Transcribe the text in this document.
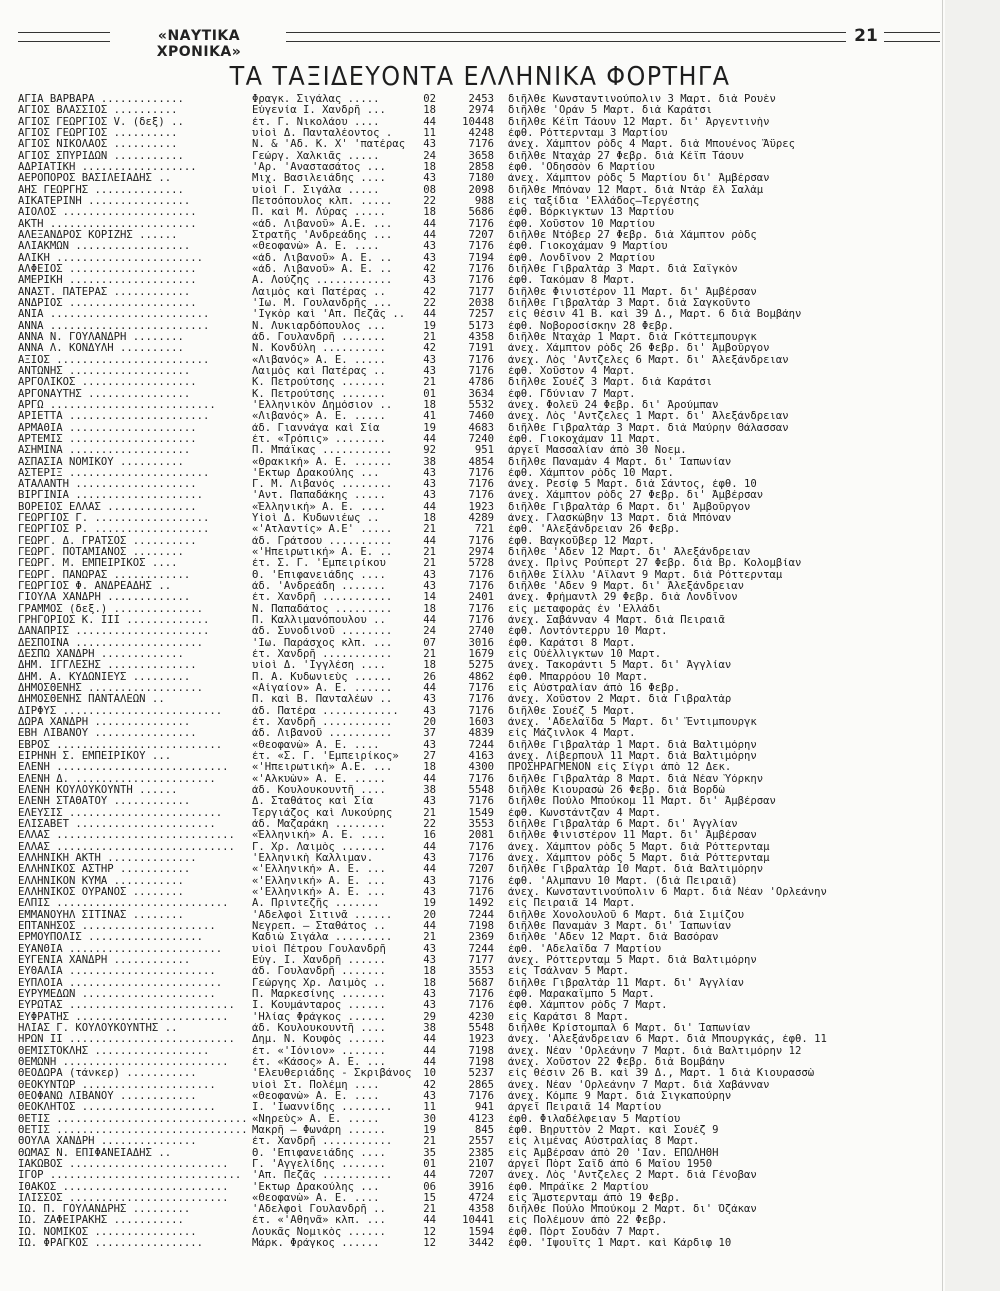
«ΝΑΥΤΙΚΑ ΧΡΟΝΙΚΑ»
21
ΤΑ ΤΑΞΙΔΕΥΟΝΤΑ ΕΛΛΗΝΙΚΑ ΦΟΡΤΗΓΑ
ΑΓΙΑ ΒΑΡΒΑΡΑ .............	Φραγκ. Σιγάλας .....	02	2453 διῆλθε Κωνσταντινούπολιν 3 Μαρτ. διὰ Ρουὲν
ΑΓΙΟΣ ΒΛΑΣΣΙΟΣ ..........	Εὐγενία Ι. Χανδρῆ ...	18	2974 διῆλθε 'Οράν 5 Μαρτ. διὰ Καράτσι
ΑΓΙΟΣ ΓΕΩΡΓΙΟΣ V. (δεξ) ..	ἐτ. Γ. Νικολάου ....	44	10448 διῆλθε Κέϊπ Τάουν 12 Μαρτ. δι' Ἀργεντινὴν
ΑΓΙΟΣ ΓΕΩΡΓΙΟΣ ..........	υἱοὶ Δ. Πανταλέοντος .	11	4248 ἐφθ. Ρόττερνταμ 3 Μαρτίου
ΑΓΙΟΣ ΝΙΚΟΛΑΟΣ ..........	Ν. & 'Αδ. Κ. Χ' 'πατέρας	43	7176 ἀνεχ. Χάμπτον ρὸδς 4 Μαρτ. διὰ Μπουένος Ἄϋρες
ΑΓΙΟΣ ΣΠΥΡΙΔΩΝ ...........	Γεώργ. Χαλκιᾶς .....	24	3658 διῆλθε Νταχὰρ 27 Φεβρ. διὰ Κέϊπ Τάουν
ΑΔΡΙΑΤΙΚΗ ..................	'Αρ. 'Αναστασάτος ...	18	2858 ἐφθ. 'Οδησσὸν 6 Μαρτίου
ΑΕΡΟΠΟΡΟΣ ΒΑΣΙΛΕΙΑΔΗΣ ..	Μιχ. Βασιλειάδης ....	43	7180 ἀνεχ. Χάμπτον ρὸδς 5 Μαρτίου δι' Ἀμβέρσαν
ΑΗΣ ΓΕΩΡΓΗΣ ..............	υἱοὶ Γ. Σιγάλα .....	08	2098 διῆλθε Μπόναν 12 Μαρτ. διὰ Ντὰρ ἔλ Σαλὰμ
ΑΙΚΑΤΕΡΙΝΗ ................	Πετσόπουλος κλπ. .....	22	988 εἰς ταξίδια 'Ελλάδος—Τεργέστης
ΑΙΟΛΟΣ .....................	Π. καὶ Μ. Λύρας .....	18	5686 ἐφθ. Βόρκιγκτων 13 Μαρτίου
ΑΚΤΗ .......................	«ἀδ. Λιβανοῦ» Α.Ε. ...	44	7176 ἐφθ. Χοῦστον 10 Μαρτίου
ΑΛΕΞΑΝΔΡΟΣ ΚΟΡΙΖΗΣ ......	Στρατῆς 'Ανδρεάδης ...	44	7207 διῆλθε Ντόβερ 27 Φεβρ. διὰ Χάμπτον ρὸδς
ΑΛΙΑΚΜΩΝ ..................	«Θεοφανὼ» Α. Ε. ....	43	7176 ἐφθ. Γιοκοχάμαν 9 Μαρτίου
ΑΛΙΚΗ .......................	«ἀδ. Λιβανοῦ» Α. Ε. ..	43	7194 ἐφθ. Λονδῖνον 2 Μαρτίου
ΑΛΦΕΙΟΣ ....................	«ἀδ. Λιβανοῦ» Α. Ε. ..	42	7176 διῆλθε Γιβραλτὰρ 3 Μαρτ. διὰ Σαϊγκὸν
ΑΜΕΡΙΚΗ ....................	Α. Λούζης ............	43	7176 ἐφθ. Τακόμαν 8 Μαρτ.
ΑΝΑΣΤ. ΠΑΤΕΡΑΣ ............	Λαιμὸς καὶ Πατέρας ..	42	7177 διῆλθε Φινιστέρον 11 Μαρτ. δι' Ἀμβέρσαν
ΑΝΔΡΙΟΣ ....................	'Ιω. Μ. Γουλανδρῆς ...	22	2038 διῆλθε Γιβραλτὰρ 3 Μαρτ. διὰ Σαγκοῦντο
ΑΝΙΑ .........................	'Ιγκὸρ καὶ 'Απ. Πεζᾶς ..	44	7257 εἰς θέσιν 41 Β. καὶ 39 Δ., Μαρτ. 6 διὰ Βομβάην
ΑΝΝΑ .........................	Ν. Λυκιαρδόπουλος ...	19	5173 ἐφθ. Νοβοροσίσκην 28 Φεβρ.
ΑΝΝΑ Ν. ΓΟΥΛΑΝΔΡΗ ........	ἀδ. Γουλανδρῆ .......	21	4358 διῆλθε Νταχὰρ 1 Μαρτ. διὰ Γκόττεμπουργκ
ΑΝΝΑ Λ. ΚΟΝΔΥΛΗ ..........	Ν. Κονδύλη ..........	42	7191 ἀνεχ. Χάμπτον ρὸδς 26 Φεβρ. δι' Ἀμβοῦργον
ΑΞΙΟΣ ........................	«Λιβανός» Α. Ε. .....	43	7176 ἀνεχ. Λὸς 'Αντζελες 6 Μαρτ. δι' Ἀλεξάνδρειαν
ΑΝΤΩΝΗΣ ...................	Λαιμὸς καὶ Πατέρας ..	43	7176 ἐφθ. Χοῦστον 4 Μαρτ.
ΑΡΓΟΛΙΚΟΣ ..................	Κ. Πετρούτσης .......	21	4786 διῆλθε Σουέζ 3 Μαρτ. διὰ Καράτσι
ΑΡΓΟΝΑΥΤΗΣ ................	Κ. Πετρούτσης .......	01	3634 ἐφθ. Γδύνιαν 7 Μαρτ.
ΑΡΓΩ ..........................	'Ελληνικὸν Δημόσιον ..	18	5532 ἀνεχ. Φολεϋ 24 Φεβρ. δι' Ἀρούμπαν
ΑΡΙΕΤΤΑ ......................	«Λιβανός» Α. Ε. .....	41	7460 ἀνεχ. Λὸς 'Αντζελες 1 Μαρτ. δι' Ἀλεξάνδρειαν
ΑΡΜΑΘΙΑ ....................	ἀδ. Γιαννάγα καὶ Σία	19	4683 διῆλθε Γιβραλτὰρ 3 Μαρτ. διὰ Μαύρην Θάλασσαν
ΑΡΤΕΜΙΣ ....................	ἐτ. «Τρόπις» ........	44	7240 ἐφθ. Γιοκοχάμαν 11 Μαρτ.
ΑΣΗΜΙΝΑ ...................	Π. Μπάϊκας ...........	92	951 ἀργεῖ Μασσαλίαν ἀπὸ 30 Νοεμ.
ΑΣΠΑΣΙΑ ΝΟΜΙΚΟΥ ..........	«Θρακική» Α. Ε. ......	38	4854 διῆλθε Παναμὰν 4 Μαρτ. δι' Ἰαπωνίαν
ΑΣΤΕΡΙΞ ......................	'Εκτωρ Δρακούλης ...	43	7176 ἐφθ. Χάμπτον ρὸδς 10 Μαρτ.
ΑΤΑΛΑΝΤΗ ...................	Γ. Μ. Λιβανός ........	43	7176 ἀνεχ. Ρεσίφ 5 Μαρτ. διὰ Σάντος, ἐφθ. 10
ΒΙΡΓΙΝΙΑ ....................	'Αντ. Παπαδάκης .....	43	7176 ἀνεχ. Χάμπτον ρὸδς 27 Φεβρ. δι' Ἀμβέρσαν
ΒΟΡΕΙΟΣ ΕΛΛΑΣ ..............	«Ἑλληνική» Α. Ε. ....	44	1923 διῆλθε Γιβραλτὰρ 6 Μαρτ. δι' Ἀμβοῦργον
ΓΕΩΡΓΙΟΣ Γ. ..................	Υἱοὶ Δ. Κυδωνιέως ..	18	4289 ἀνεχ. Γλασκώβην 13 Μαρτ. διὰ Μπόναν
ΓΕΩΡΓΙΟΣ Ρ. ..................	«'Ατλαντίς» Α.Ε' .....	21	721 ἐφθ. 'Αλεξάνδρειαν 26 Φεβρ.
ΓΕΩΡΓ. Δ. ΓΡΑΤΣΟΣ ..........	ἀδ. Γράτσου ..........	44	7176 ἐφθ. Βαγκοῦβερ 12 Μαρτ.
ΓΕΩΡΓ. ΠΟΤΑΜΙΑΝΟΣ ........	«'Ηπειρωτική» Α. Ε. ..	21	2974 διῆλθε 'Αδεν 12 Μαρτ. δι' Ἀλεξάνδρειαν
ΓΕΩΡΓ. Μ. ΕΜΠΕΙΡΙΚΟΣ ....	ἐτ. Σ. Γ. 'Εμπειρίκου	21	5728 ἀνεχ. Πρὶνς Ρούπερτ 27 Φεβρ. διὰ Βρ. Κολομβίαν
ΓΕΩΡΓ. ΠΑΝΩΡΑΣ ............	Θ. 'Επιφανειάδης ....	43	7176 διῆλθε Σίλλυ 'Αϊλαντ 9 Μαρτ. διὰ Ρόττερνταμ
ΓΕΩΡΓΙΟΣ Φ. ΑΝΔΡΕΑΔΗΣ ..	ἀδ. 'Ανδρεάδη .......	43	7176 διῆλθε 'Αδεν 9 Μαρτ. δι' Ἀλεξάνδρειαν
ΓΙΟΥΛΑ ΧΑΝΔΡΗ .............	ἐτ. Χανδρῆ ...........	14	2401 ἀνεχ. Φρήμαντλ 29 Φεβρ. διὰ Λονδῖνον
ΓΡΑΜΜΟΣ (δεξ.) ..............	Ν. Παπαδάτος .........	18	7176 εἰς μεταφορὰς ἐν 'Ελλάδι
ΓΡΗΓΟΡΙΟΣ Κ. ΙΙΙ .............	Π. Καλλιμανόπουλου ..	44	7176 ἀνεχ. Σαβάνναν 4 Μαρτ. διὰ Πειραιᾶ
ΔΑΝΑΠΡΙΣ .....................	ἀδ. Συνοδινοῦ ........	24	2740 ἐφθ. Λοντόντερρυ 10 Μαρτ.
ΔΕΣΠΟΙΝΑ ....................	'Ιω. Παράσχος κλπ. ...	07	3016 ἐφθ. Καράτσι 8 Μαρτ.
ΔΕΣΠΩ ΧΑΝΔΡΗ .............	ἐτ. Χανδρῆ ...........	21	1679 εἰς Οὐέλλιγκτων 10 Μαρτ.
ΔΗΜ. ΙΓΓΛΕΣΗΣ ..............	υἱοὶ Δ. 'Ιγγλέση ....	18	5275 ἀνεχ. Τακοράντι 5 Μαρτ. δι' Ἀγγλίαν
ΔΗΜ. Α. ΚΥΔΩΝΙΕΥΣ .........	Π. Α. Κυδωνιεὺς ......	26	4862 ἐφθ. Μπαρρόου 10 Μαρτ.
ΔΗΜΟΣΘΕΝΗΣ ..................	«Αἰγαίον» Α. Ε. ......	44	7176 εἰς Αὐστραλίαν ἀπὸ 16 Φεβρ.
ΔΗΜΟΣΘΕΝΗΣ ΠΑΝΤΑΛΕΩΝ ..	Π. καὶ Β. Πανταλέων ..	43	7176 ἀνεχ. Χοῦστον 2 Μαρτ. διὰ Γιβραλτὰρ
ΔΙΡΦΥΣ .........................	ἀδ. Πατέρα ............	43	7176 διῆλθε Σουέζ 5 Μαρτ.
ΔΩΡΑ ΧΑΝΔΡΗ ...............	ἐτ. Χανδρῆ ...........	20	1603 ἀνεχ. 'Αδελαΐδα 5 Μαρτ. δι' Ἔντιμπουργκ
ΕΒΗ ΛΙΒΑΝΟΥ ................	ἀδ. Λιβανοῦ ..........	37	4839 εἰς Μάζινλοκ 4 Μαρτ.
ΕΒΡΟΣ ..........................	«Θεοφανὼ» Α. Ε. ....	43	7244 διῆλθε Γιβραλτὰρ 1 Μαρτ. διὰ Βαλτιμόρην
ΕΙΡΗΝΗ Σ. ΕΜΠΕΙΡΙΚΟΥ ...	ἐτ. «Σ. Γ. 'Εμπειρίκος»	27	4163 ἀνεχ. Λίβερπουλ 11 Μαρτ. διὰ Βαλτιμόρην
ΕΛΕΝΗ ...........................	«'Ηπειρωτική» Α.Ε. ...	18	4300 ΠΡΟΣΗΡΑΓΜΕΝΟΝ εἰς Σίγρι ἀπὸ 12 Δεκ.
ΕΛΕΝΗ Δ. ......................	«'Αλκυὼν» Α. Ε. .....	44	7176 διῆλθε Γιβραλτὰρ 8 Μαρτ. διὰ Νέαν Ὑόρκην
ΕΛΕΝΗ ΚΟΥΛΟΥΚΟΥΝΤΗ ......	ἀδ. Κουλουκουντῆ ....	38	5548 διῆλθε Κιουρασὼ 26 Φεβρ. διὰ Βορδὼ
ΕΛΕΝΗ ΣΤΑΘΑΤΟΥ ............	Δ. Σταθάτος καὶ Σία	43	7176 διῆλθε Πούλο Μπούκομ 11 Μαρτ. δι' Ἀμβέρσαν
ΕΛΕΥΣΙΣ ........................	Τεργιάζος καὶ Λυκούρης	21	1549 ἐφθ. Κωνστάντζαν 4 Μαρτ.
ΕΛΙΣΑΒΕΤ ......................	ἀδ. Μαζαράκη ........	22	3553 διῆλθε Γιβραλτὰρ 6 Μαρτ. δι' Ἀγγλίαν
ΕΛΛΑΣ ............................	«Ἑλληνική» Α. Ε. ....	16	2081 διῆλθε Φινιστέρον 11 Μαρτ. δι' Ἀμβέρσαν
ΕΛΛΑΣ ............................	Γ. Χρ. Λαιμὸς .......	44	7176 ἀνεχ. Χάμπτον ρὸδς 5 Μαρτ. διὰ Ρόττερνταμ
ΕΛΛΗΝΙΚΗ ΑΚΤΗ ..............	'Ελληνικὴ Καλλιμαν.	43	7176 ἀνεχ. Χάμπτον ρὸδς 5 Μαρτ. διὰ Ρόττερνταμ
ΕΛΛΗΝΙΚΟΣ ΑΣΤΗΡ ...........	«'Ελληνική» Α. Ε. ...	44	7207 διῆλθε Γιβραλτὰρ 10 Μαρτ. διὰ Βαλτιμόρην
ΕΛΛΗΝΙΚΟΝ ΚΥΜΑ ...........	«'Ελληνική» Α. Ε. ...	43	7176 ἐφθ. 'Αλμπανυ 10 Μαρτ. (διὰ Πειραιᾶ)
ΕΛΛΗΝΙΚΟΣ ΟΥΡΑΝΟΣ ........	«'Ελληνική» Α. Ε. ...	43	7176 ἀνεχ. Κωνσταντινούπολιν 6 Μαρτ. διὰ Νέαν 'Ορλεάνην
ΕΛΠΙΣ ...........................	Α. Πριντεζῆς .......	19	1492 εἰς Πειραιᾶ 14 Μαρτ.
ΕΜΜΑΝΟΥΗΛ ΣΙΤΙΝΑΣ ........	'Αδελφοὶ Σιτινᾶ ......	20	7244 διῆλθε Χονολουλοῦ 6 Μαρτ. διὰ Σιμίζου
ΕΠΤΑΝΗΣΟΣ .....................	Νεγρεπ. — Σταθάτος ..	44	7198 διῆλθε Παναμὰν 3 Μαρτ. δι' Ἰαπωνίαν
ΕΡΜΟΥΠΟΛΙΣ ..................	Καδιὼ Σιγάλα .........	21	2369 διῆλθε 'Αδεν 12 Μαρτ. διὰ Βασόραν
ΕΥΑΝΘΙΑ ........................	υἱοὶ Πέτρου Γουλανδρῆ	43	7244 ἐφθ. 'Αδελαΐδα 7 Μαρτίου
ΕΥΓΕΝΙΑ ΧΑΝΔΡΗ ............	Εὐγ. Ι. Χανδρῆ ......	43	7177 ἀνεχ. Ρόττερνταμ 5 Μαρτ. διὰ Βαλτιμόρην
ΕΥΘΑΛΙΑ .......................	ἀδ. Γουλανδρῆ .......	18	3553 εἰς Τσάλναν 5 Μαρτ.
ΕΥΠΛΟΙΑ ........................	Γεώργης Χρ. Λαιμὸς ..	18	5687 διῆλθε Γιβραλτὰρ 11 Μαρτ. δι' Ἀγγλίαν
ΕΥΡΥΜΕΔΩΝ .....................	Π. Μαρκεσίνης .......	43	7176 ἐφθ. Μαρακαΐμπο 5 Μαρτ.
ΕΥΡΩΤΑΣ ..........................	Ι. Κουμάνταρος ......	43	7176 ἐφθ. Χάμπτον ρὸδς 7 Μαρτ.
ΕΥΦΡΑΤΗΣ ........................	'Ηλίας Φράγκος ......	29	4230 εἰς Καράτσι 8 Μαρτ.
ΗΛΙΑΣ Γ. ΚΟΥΛΟΥΚΟΥΝΤΗΣ ..	ἀδ. Κουλουκουντῆ ....	38	5548 διῆλθε Κρίστομπαλ 6 Μαρτ. δι' Ἰαπωνίαν
ΗΡΩΝ ΙΙ ..........................	Δημ. Ν. Κουφὸς ......	44	1923 ἀνεχ. 'Αλεξάνδρειαν 6 Μαρτ. διὰ Μπουργκάς, ἐφθ. 11
ΘΕΜΙΣΤΟΚΛΗΣ ..................	ἐτ. «'Ιόνιον» .......	44	7198 ἀνεχ. Νέαν 'Ορλεάνην 7 Μαρτ. διὰ Βαλτιμόρην 12
ΘΕΜΩΝΗ ..........................	ἐτ. «Κάσος» Α. Ε. ...	44	7198 ἀνεχ. Χοῦστον 22 Φεβρ. διὰ Βομβάην
ΘΕΟΔΩΡΑ (τάνκερ) ...........	'Ελευθεριάδης - Σκριβάνος	10	5237 εἰς θέσιν 26 Β. καὶ 39 Δ., Μαρτ. 1 διὰ Κιουρασσὼ
ΘΕΟΚΥΝΤΩΡ .....................	υἱοὶ Στ. Πολέμη ....	42	2865 ἀνεχ. Νέαν 'Ορλεάνην 7 Μαρτ. διὰ Χαβάνναν
ΘΕΟΦΑΝΩ ΛΙΒΑΝΟΥ ............	«Θεοφανὼ» Α. Ε. ....	43	7176 ἀνεχ. Κόμπε 9 Μαρτ. διὰ Σιγκαπούρην
ΘΕΟΚΛΗΤΟΣ .....................	Ι. 'Ιωαννίδης ........	11	941 ἀργεῖ Πειραιᾶ 14 Μαρτίου
ΘΕΤΙΣ .............................. «Νηρεὺς» Α. Ε. .....	30	4123 ἐφθ. Φιλαδέλφειαν 5 Μαρτίου
ΘΕΤΙΣ .............................. Μακρῆ — Φωνάρη ......	19	845 ἐφθ. Βηρυττὸν 2 Μαρτ. καὶ Σουέζ 9
ΘΟΥΛΑ ΧΑΝΔΡΗ ...............	ἐτ. Χανδρῆ ...........	21	2557 εἰς λιμένας Αὐστραλίας 8 Μαρτ.
ΘΩΜΑΣ Ν. ΕΠΙΦΑΝΕΙΑΔΗΣ ..	Θ. 'Επιφανειάδης ....	35	2385 εἰς Ἀμβέρσαν ἀπὸ 20 'Ιαν. ΕΠΩΛΗΘΗ
ΙΑΚΩΒΟΣ .........................	Γ. 'Αγγελίδης .......	01	2107 ἀργεῖ Πὸρτ Σαΐδ ἀπὸ 6 Μαΐου 1950
ΙΓΟΡ ..............................	'Απ. Πεζᾶς ...........	44	7207 ἀνεχ. Λὸς 'Αντζελες 2 Μαρτ. διὰ Γένοβαν
ΙΘΑΚΟΣ ..........................	'Εκτωρ Δρακούλης ...	06	3916 ἐφθ. Μπράϊκε 2 Μαρτίου
ΙΛΙΣΣΟΣ .........................	«Θεοφανὼ» Α. Ε. ....	15	4724 εἰς Ἄμστερνταμ ἀπὸ 19 Φεβρ.
ΙΩ. Π. ΓΟΥΛΑΝΔΡΗΣ .........	'Αδελφοὶ Γουλανδρῆ ..	21	4358 διῆλθε Πούλο Μπούκομ 2 Μαρτ. δι' Ὀζάκαν
ΙΩ. ΖΑΦΕΙΡΑΚΗΣ ...........	ἐτ. «'Αθηνᾶ» κλπ. ...	44	10441 εἰς Πολέμουν ἀπὸ 22 Φεβρ.
ΙΩ. ΝΟΜΙΚΟΣ ................	Λουκᾶς Νομικὸς ......	12	1594 ἐφθ. Πὸρτ Σουδὰν 7 Μαρτ.
ΙΩ. ΦΡΑΓΚΟΣ .................	Μάρκ. Φράγκος ......	12	3442 ἐφθ. 'Ιψουΐτς 1 Μαρτ. καὶ Κάρδιφ 10
